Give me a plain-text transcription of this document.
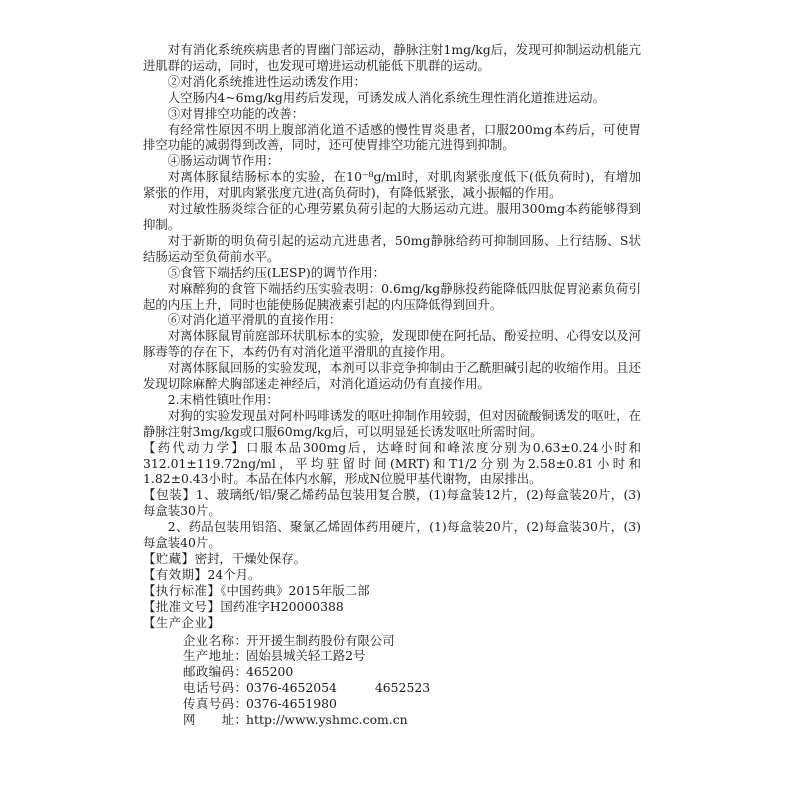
对有消化系统疾病患者的胃幽门部运动，静脉注射1mg/kg后，发现可抑制运动机能亢进肌群的运动，同时，也发现可增进运动机能低下肌群的运动。

②对消化系统推进性运动诱发作用：

人空肠内4~6mg/kg用药后发现，可诱发成人消化系统生理性消化道推进运动。

③对胃排空功能的改善：

有经常性原因不明上腹部消化道不适感的慢性胃炎患者，口服200mg本药后，可使胃排空功能的减弱得到改善，同时，还可使胃排空功能亢进得到抑制。

④肠运动调节作用：

对离体豚鼠结肠标本的实验，在10⁻⁸g/ml时，对肌肉紧张度低下(低负荷时)，有增加紧张的作用，对肌肉紧张度亢进(高负荷时)，有降低紧张，减小振幅的作用。

对过敏性肠炎综合征的心理劳累负荷引起的大肠运动亢进。服用300mg本药能够得到抑制。

对于新斯的明负荷引起的运动亢进患者，50mg静脉给药可抑制回肠、上行结肠、S状结肠运动至负荷前水平。

⑤食管下端括约压(LESP)的调节作用：

对麻醉狗的食管下端括约压实验表明：0.6mg/kg静脉投药能降低四肽促胃泌素负荷引起的内压上升，同时也能使肠促胰液素引起的内压降低得到回升。

⑥对消化道平滑肌的直接作用：

对离体豚鼠胃前庭部环状肌标本的实验，发现即使在阿托品、酚妥拉明、心得安以及河豚毒等的存在下，本药仍有对消化道平滑肌的直接作用。

对离体豚鼠回肠的实验发现，本剂可以非竞争抑制由于乙酰胆碱引起的收缩作用。且还发现切除麻醉犬胸部迷走神经后，对消化道运动仍有直接作用。

2.末梢性镇吐作用：

对狗的实验发现虽对阿朴吗啡诱发的呕吐抑制作用较弱，但对因硫酸铜诱发的呕吐，在静脉注射3mg/kg或口服60mg/kg后，可以明显延长诱发呕吐所需时间。

【药代动力学】口服本品300mg后，达峰时间和峰浓度分别为0.63±0.24小时和312.01±119.72ng/ml，平均驻留时间(MRT)和T1/2分别为2.58±0.81小时和1.82±0.43小时。本品在体内水解，形成N位脱甲基代谢物，由尿排出。

【包装】1、玻璃纸/铝/聚乙烯药品包装用复合膜，(1)每盒装12片，(2)每盒装20片，(3)每盒装30片。

2、药品包装用铝箔、聚氯乙烯固体药用硬片，(1)每盒装20片，(2)每盒装30片，(3)每盒装40片。

【贮藏】密封，干燥处保存。

【有效期】24个月。

【执行标准】《中国药典》2015年版二部

【批准文号】国药准字H20000388

【生产企业】

企业名称：
开开援生制药股份有限公司
生产地址：
固始县城关轻工路2号
邮政编码：
465200
电话号码：
0376-4652054	4652523
传真号码：
0376-4651980
网　　址：
http://www.yshmc.com.cn
